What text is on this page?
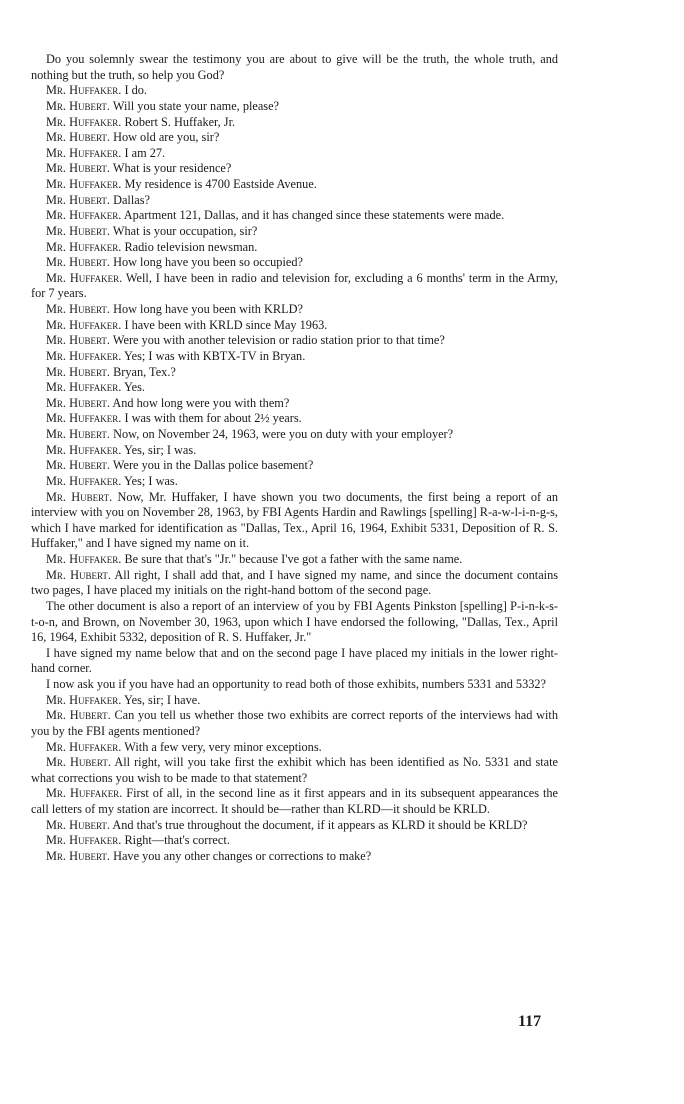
Do you solemnly swear the testimony you are about to give will be the truth, the whole truth, and nothing but the truth, so help you God?

Mr. Huffaker. I do.

Mr. Hubert. Will you state your name, please?

Mr. Huffaker. Robert S. Huffaker, Jr.

Mr. Hubert. How old are you, sir?

Mr. Huffaker. I am 27.

Mr. Hubert. What is your residence?

Mr. Huffaker. My residence is 4700 Eastside Avenue.

Mr. Hubert. Dallas?

Mr. Huffaker. Apartment 121, Dallas, and it has changed since these statements were made.

Mr. Hubert. What is your occupation, sir?

Mr. Huffaker. Radio television newsman.

Mr. Hubert. How long have you been so occupied?

Mr. Huffaker. Well, I have been in radio and television for, excluding a 6 months' term in the Army, for 7 years.

Mr. Hubert. How long have you been with KRLD?

Mr. Huffaker. I have been with KRLD since May 1963.

Mr. Hubert. Were you with another television or radio station prior to that time?

Mr. Huffaker. Yes; I was with KBTX-TV in Bryan.

Mr. Hubert. Bryan, Tex.?

Mr. Huffaker. Yes.

Mr. Hubert. And how long were you with them?

Mr. Huffaker. I was with them for about 2½ years.

Mr. Hubert. Now, on November 24, 1963, were you on duty with your employer?

Mr. Huffaker. Yes, sir; I was.

Mr. Hubert. Were you in the Dallas police basement?

Mr. Huffaker. Yes; I was.

Mr. Hubert. Now, Mr. Huffaker, I have shown you two documents, the first being a report of an interview with you on November 28, 1963, by FBI Agents Hardin and Rawlings [spelling] R-a-w-l-i-n-g-s, which I have marked for identification as "Dallas, Tex., April 16, 1964, Exhibit 5331, Deposition of R. S. Huffaker," and I have signed my name on it.

Mr. Huffaker. Be sure that that's "Jr." because I've got a father with the same name.

Mr. Hubert. All right, I shall add that, and I have signed my name, and since the document contains two pages, I have placed my initials on the right-hand bottom of the second page.

The other document is also a report of an interview of you by FBI Agents Pinkston [spelling] P-i-n-k-s-t-o-n, and Brown, on November 30, 1963, upon which I have endorsed the following, "Dallas, Tex., April 16, 1964, Exhibit 5332, deposition of R. S. Huffaker, Jr."

I have signed my name below that and on the second page I have placed my initials in the lower right-hand corner.

I now ask you if you have had an opportunity to read both of those exhibits, numbers 5331 and 5332?

Mr. Huffaker. Yes, sir; I have.

Mr. Hubert. Can you tell us whether those two exhibits are correct reports of the interviews had with you by the FBI agents mentioned?

Mr. Huffaker. With a few very, very minor exceptions.

Mr. Hubert. All right, will you take first the exhibit which has been identified as No. 5331 and state what corrections you wish to be made to that statement?

Mr. Huffaker. First of all, in the second line as it first appears and in its subsequent appearances the call letters of my station are incorrect. It should be—rather than KLRD—it should be KRLD.

Mr. Hubert. And that's true throughout the document, if it appears as KLRD it should be KRLD?

Mr. Huffaker. Right—that's correct.

Mr. Hubert. Have you any other changes or corrections to make?

117
